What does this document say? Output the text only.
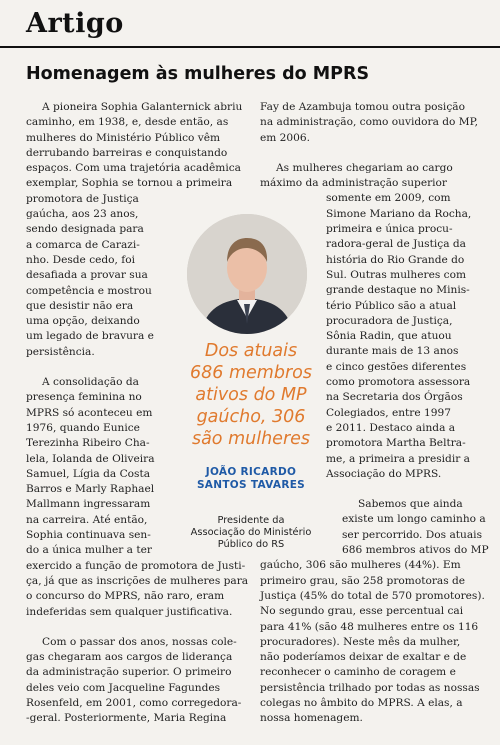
Artigo
Homenagem às mulheres do MPRS
A pioneira Sophia Galanternick abriu
caminho, em 1938, e, desde então, as
mulheres do Ministério Público vêm
derrubando barreiras e conquistando
espaços. Com uma trajetória acadêmica
exemplar, Sophia se tornou a primeira
promotora de Justiça
gaúcha, aos 23 anos,
sendo designada para
a comarca de Carazi-
nho. Desde cedo, foi
desafiada a provar sua
competência e mostrou
que desistir não era
uma opção, deixando
um legado de bravura e
persistência.
A consolidação da
presença feminina no
MPRS só aconteceu em
1976, quando Eunice
Terezinha Ribeiro Cha-
lela, Iolanda de Oliveira
Samuel, Lígia da Costa
Barros e Marly Raphael
Mallmann ingressaram
na carreira. Até então,
Sophia continuava sen-
do a única mulher a ter
exercido a função de promotora de Justi-
ça, já que as inscrições de mulheres para
o concurso do MPRS, não raro, eram
indeferidas sem qualquer justificativa.
Com o passar dos anos, nossas cole-
gas chegaram aos cargos de liderança
da administração superior. O primeiro
deles veio com Jacqueline Fagundes
Rosenfeld, em 2001, como corregedora-
-geral. Posteriormente, Maria Regina
Fay de Azambuja tomou outra posição
na administração, como ouvidora do MP,
em 2006.
As mulheres chegariam ao cargo
máximo da administração superior
somente em 2009, com
Simone Mariano da Rocha,
primeira e única procu-
radora-geral de Justiça da
história do Rio Grande do
Sul. Outras mulheres com
grande destaque no Minis-
tério Público são a atual
procuradora de Justiça,
Sônia Radin, que atuou
durante mais de 13 anos
e cinco gestões diferentes
como promotora assessora
na Secretaria dos Órgãos
Colegiados, entre 1997
e 2011. Destaco ainda a
promotora Martha Beltra-
me, a primeira a presidir a
Associação do MPRS.
Sabemos que ainda
existe um longo caminho a
ser percorrido. Dos atuais
686 membros ativos do MP
gaúcho, 306 são mulheres (44%). Em
primeiro grau, são 258 promotoras de
Justiça (45% do total de 570 promotores).
No segundo grau, esse percentual cai
para 41% (são 48 mulheres entre os 116
procuradores). Neste mês da mulher,
não poderíamos deixar de exaltar e de
reconhecer o caminho de coragem e
persistência trilhado por todas as nossas
colegas no âmbito do MPRS. A elas, a
nossa homenagem.
Dos atuais
686 membros
ativos do MP
gaúcho, 306
são mulheres
JOÃO RICARDO
SANTOS TAVARES
Presidente da
Associação do Ministério
Público do RS
